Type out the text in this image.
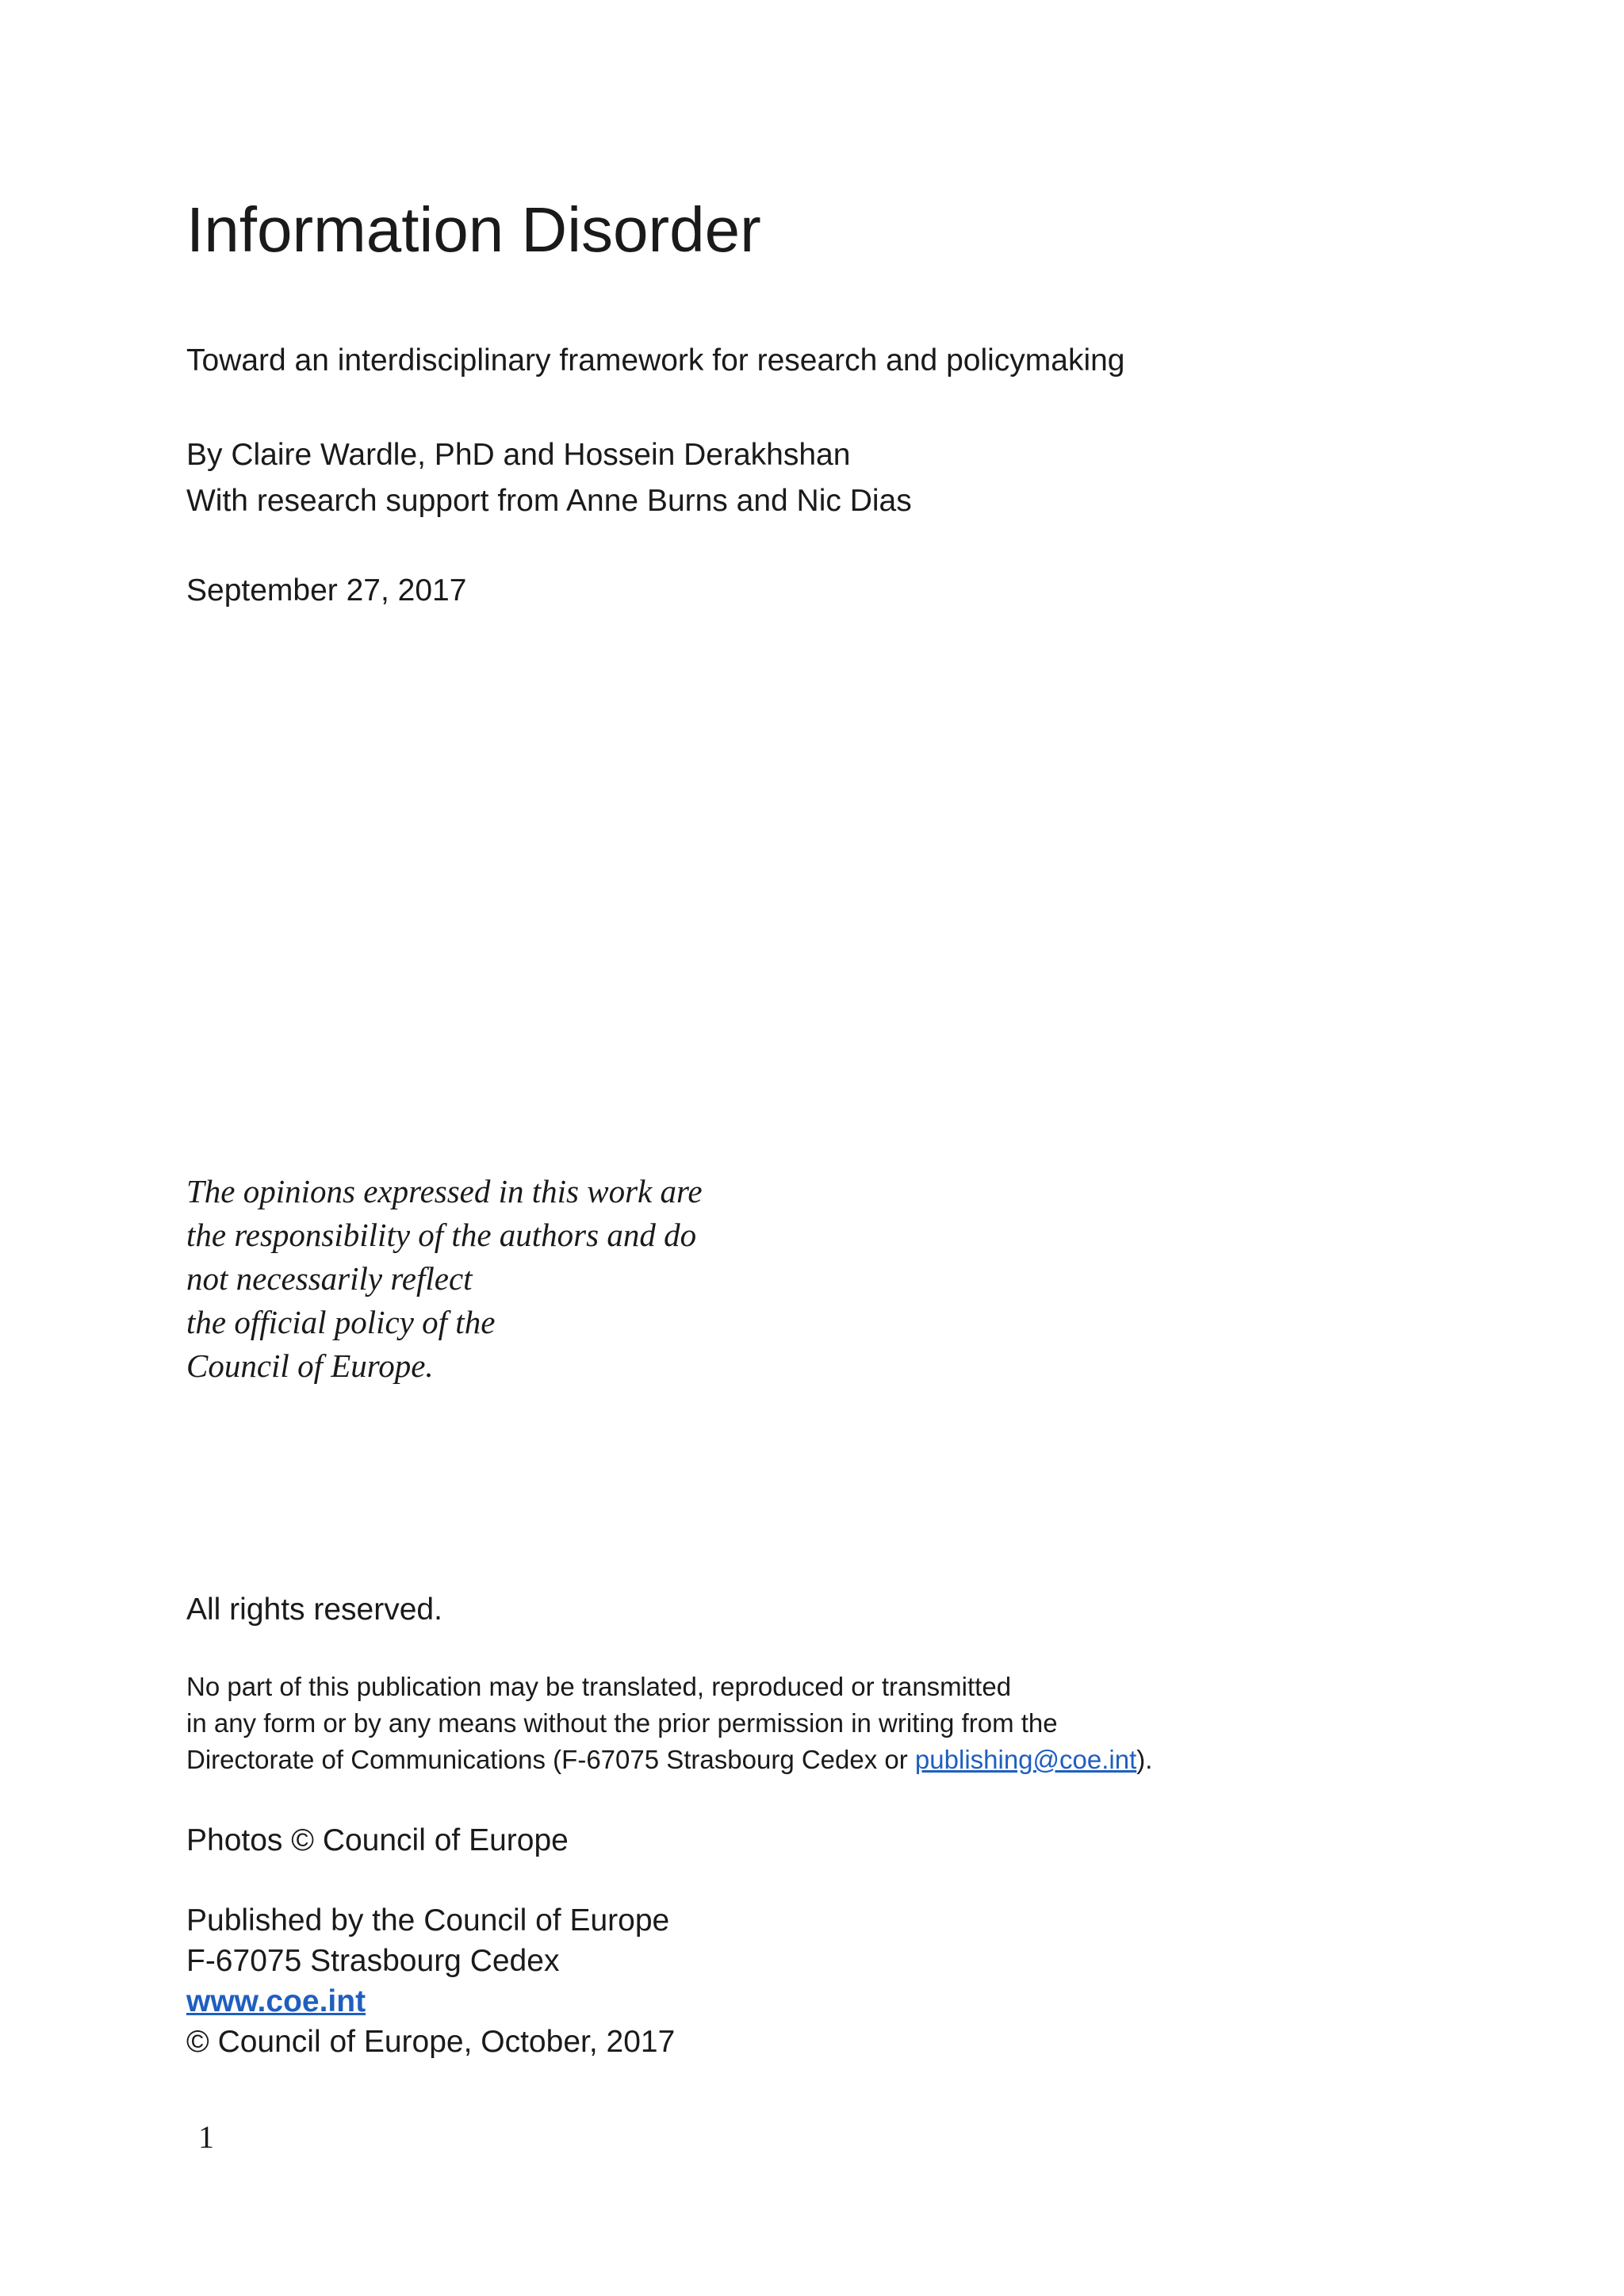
Information Disorder
Toward an interdisciplinary framework for research and policymaking
By Claire Wardle, PhD and Hossein Derakhshan
With research support from Anne Burns and Nic Dias
September 27, 2017
The opinions expressed in this work are
the responsibility of the authors and do
not necessarily reflect
the official policy of the
Council of Europe.
All rights reserved.
No part of this publication may be translated, reproduced or transmitted
in any form or by any means without the prior permission in writing from the
Directorate of Communications (F-67075 Strasbourg Cedex or publishing@coe.int).
Photos © Council of Europe
Published by the Council of Europe
F-67075 Strasbourg Cedex
www.coe.int
© Council of Europe, October, 2017
1
